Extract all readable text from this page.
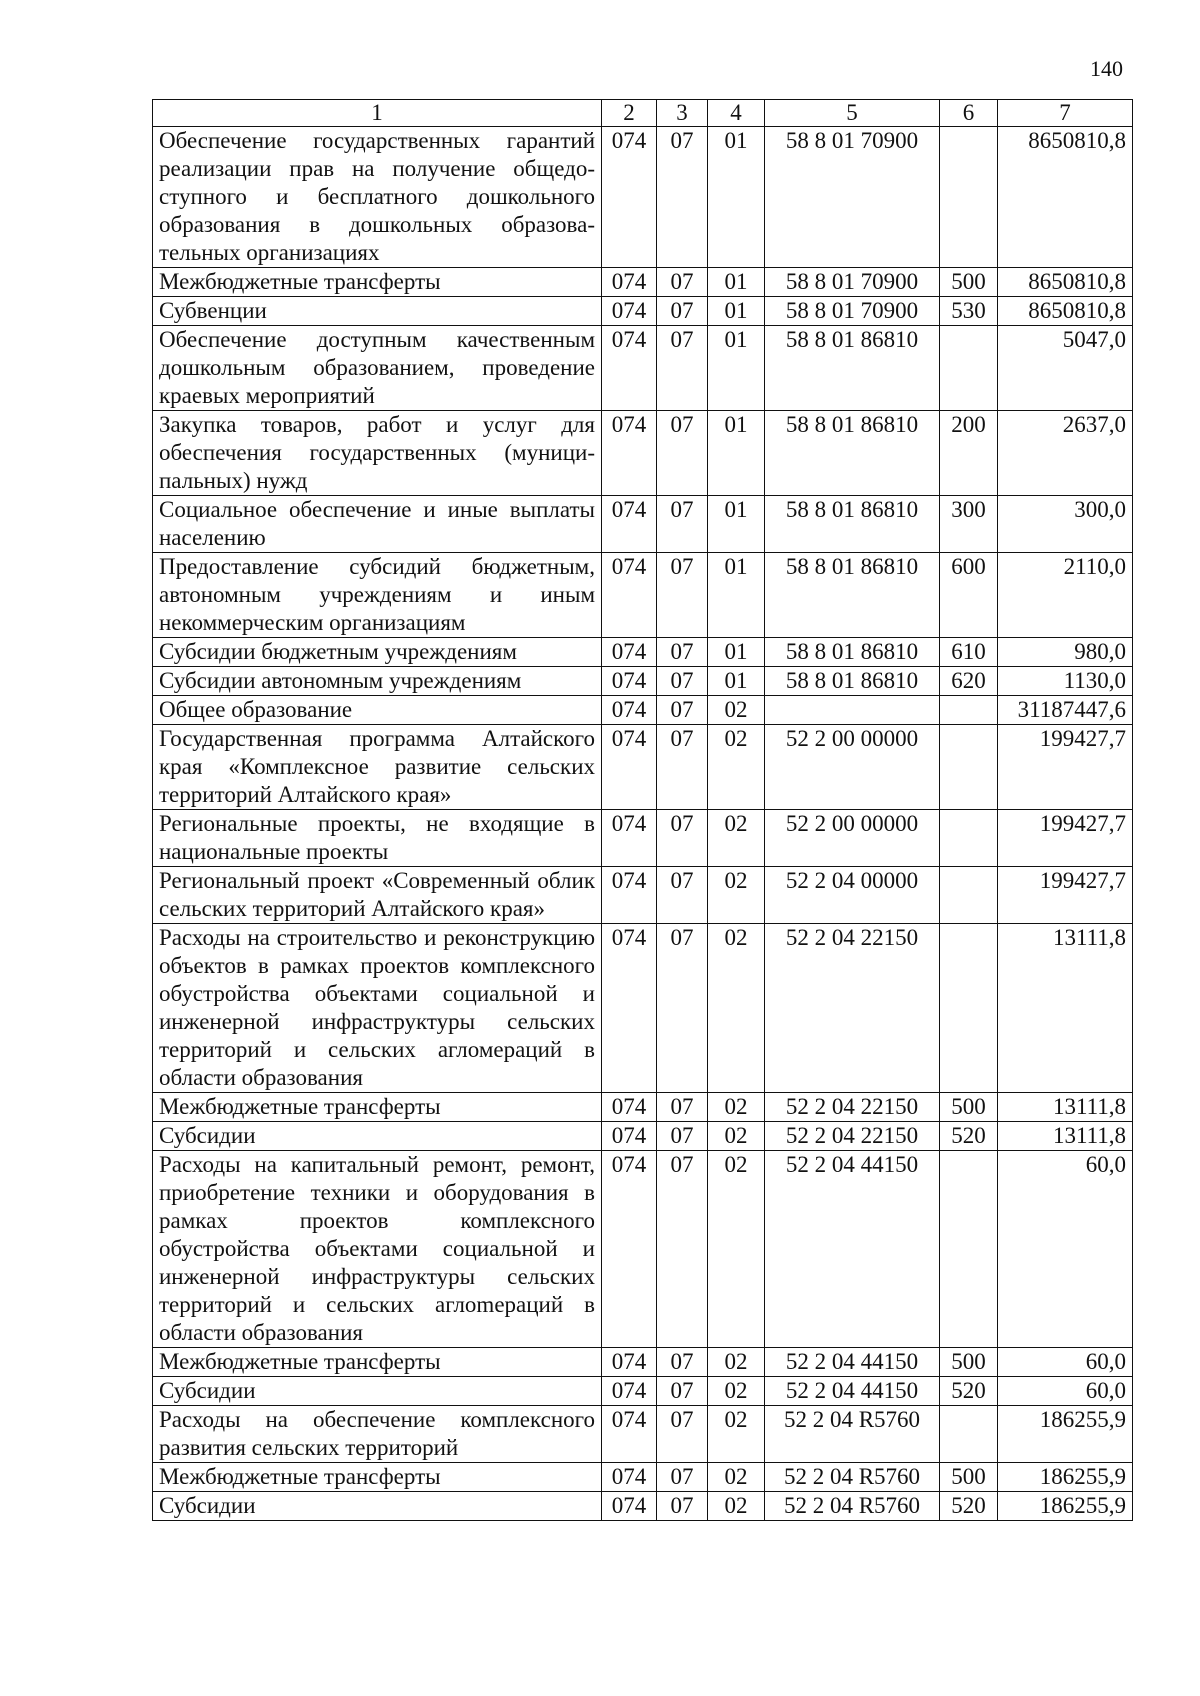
140
1	2	3	4	5	6	7
Обеспечение государственных гарантий реализации прав на получение общедоступного и бесплатного дошкольного образования в дошкольных образовательных организациях	074	07	01	58 8 01 70900		8650810,8
Межбюджетные трансферты	074	07	01	58 8 01 70900	500	8650810,8
Субвенции	074	07	01	58 8 01 70900	530	8650810,8
Обеспечение доступным качественным дошкольным образованием, проведение краевых мероприятий	074	07	01	58 8 01 86810		5047,0
Закупка товаров, работ и услуг для обеспечения государственных (муниципальных) нужд	074	07	01	58 8 01 86810	200	2637,0
Социальное обеспечение и иные выплаты населению	074	07	01	58 8 01 86810	300	300,0
Предоставление субсидий бюджетным, автономным учреждениям и иным некоммерческим организациям	074	07	01	58 8 01 86810	600	2110,0
Субсидии бюджетным учреждениям	074	07	01	58 8 01 86810	610	980,0
Субсидии автономным учреждениям	074	07	01	58 8 01 86810	620	1130,0
Общее образование	074	07	02			31187447,6
Государственная программа Алтайского края «Комплексное развитие сельских территорий Алтайского края»	074	07	02	52 2 00 00000		199427,7
Региональные проекты, не входящие в национальные проекты	074	07	02	52 2 00 00000		199427,7
Региональный проект «Современный облик сельских территорий Алтайского края»	074	07	02	52 2 04 00000		199427,7
Расходы на строительство и реконструкцию объектов в рамках проектов комплексного обустройства объектами социальной и инженерной инфраструктуры сельских территорий и сельских агломераций в области образования	074	07	02	52 2 04 22150		13111,8
Межбюджетные трансферты	074	07	02	52 2 04 22150	500	13111,8
Субсидии	074	07	02	52 2 04 22150	520	13111,8
Расходы на капитальный ремонт, ремонт, приобретение техники и оборудования в рамках проектов комплексного обустройства объектами социальной и инженерной инфраструктуры сельских территорий и сельских аглоmераций в области образования	074	07	02	52 2 04 44150		60,0
Межбюджетные трансферты	074	07	02	52 2 04 44150	500	60,0
Субсидии	074	07	02	52 2 04 44150	520	60,0
Расходы на обеспечение комплексного развития сельских территорий	074	07	02	52 2 04 R5760		186255,9
Межбюджетные трансферты	074	07	02	52 2 04 R5760	500	186255,9
Субсидии	074	07	02	52 2 04 R5760	520	186255,9
